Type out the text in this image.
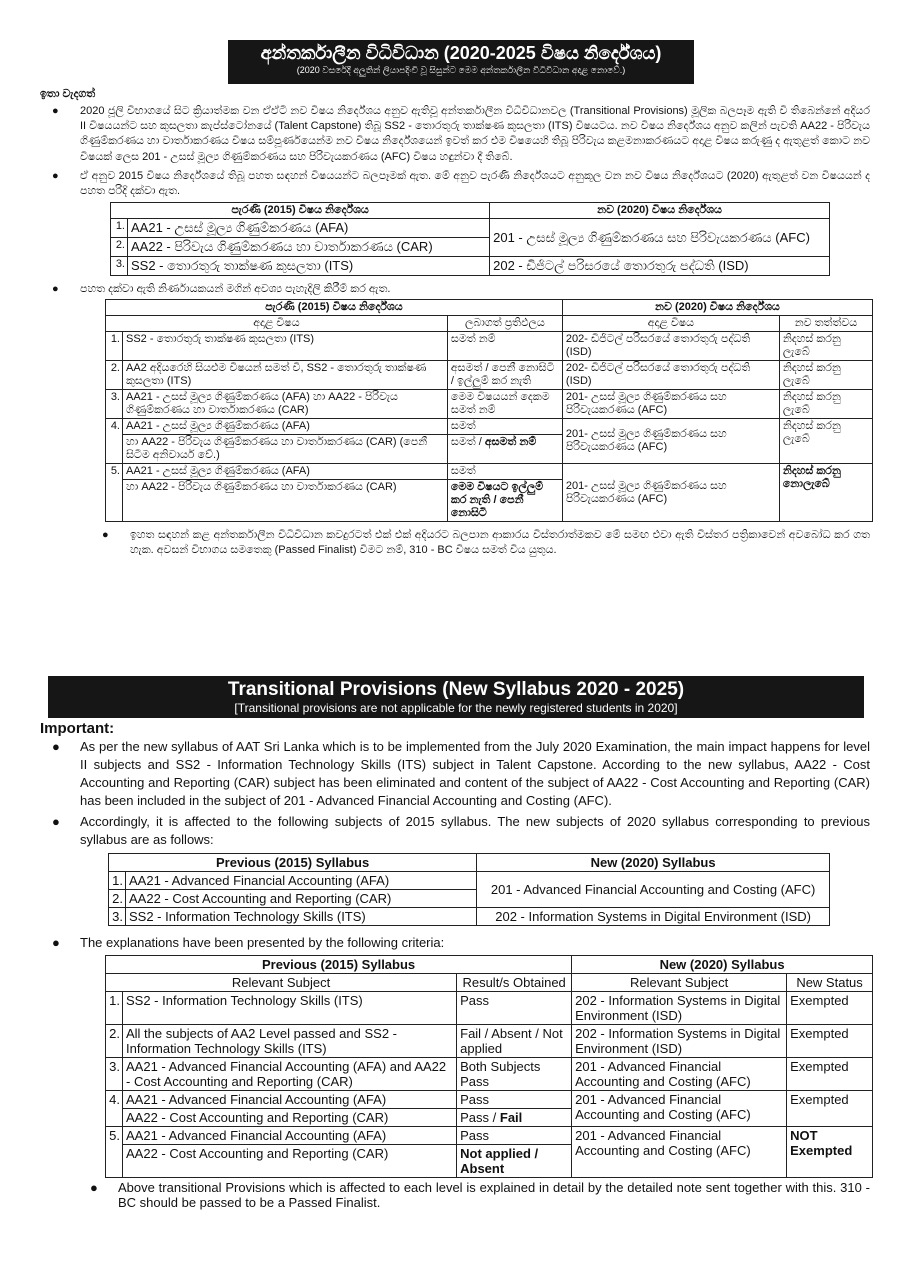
අන්තර්කාලීන විධිවිධාන (2020-2025 විෂය නිර්දේශය)
(2020 වසරේදී අලුතින් ලියාපදිංචි වූ සිසුන්ට මෙම අන්තර්කාලීන විධිවිධාන අදාළ නොවේ.)
ඉතා වැදගත්

● 2020 ජූලි විභාගයේ සිට ක්‍රියාත්මක වන ඒඒටී නව විෂය නිර්දේශය අනුව ඇතිවූ අන්තර්කාලීන විධිවිධානවල (Transitional Provisions) මූලික බලපෑම ඇති වී තිබෙන්නේ අදියර II විෂයයන්ට සහ කුසලතා කැප්ස්ටෝනයේ (Talent Capstone) තිබූ SS2 - තොරතුරු තාක්ෂණ කුසලතා (ITS) විෂයටය. නව විෂය නිර්දේශය අනුව කලින් පැවති AA22 - පිරිවැය ගිණුම්කරණය හා වාර්තාකරණය විෂය සම්පූර්ණයෙන්ම නව විෂය නිර්දේශයෙන් ඉවත් කර එම විෂයෙහි තිබූ පිරිවැය කළමනාකරණයට අදාළ විෂය කරුණු ද ඇතුළත් කොට නව විෂයක් ලෙස 201 - උසස් මූල්‍ය ගිණුම්කරණය සහ පිරිවැයකරණය (AFC) විෂය හඳුන්වා දී තිබේ.

● ඒ අනුව 2015 විෂය නිර්දේශයේ තිබූ පහත සඳහන් විෂයයන්ට බලපෑමක් ඇත. මේ අනුව පැරණි නිර්දේශයට අනුකූල වන නව විෂය නිර්දේශයට (2020) ඇතුළත් වන විෂයයන් ද පහත පරිදි දක්වා ඇත.

පැරණි (2015) විෂය නිර්දේශය		නව (2020) විෂය නිර්දේශය
1.	AA21 - උසස් මූල්‍ය ගිණුම්කරණය (AFA)	201 - උසස් මූල්‍ය ගිණුම්කරණය සහ පිරිවැයකරණය (AFC)
2.	AA22 - පිරිවැය ගිණුම්කරණය හා වාර්තාකරණය (CAR)	
3.	SS2 - තොරතුරු තාක්ෂණ කුසලතා (ITS)	202 - ඩිජිටල් පරිසරයේ තොරතුරු පද්ධති (ISD)

● පහත දක්වා ඇති නිර්ණායකයන් මගින් අවශ්‍ය පැහැදිලි කිරීම් කර ඇත.

පැරණි (2015) විෂය නිර්දේශය			නව (2020) විෂය නිර්දේශය	
අදාළ විෂය		ලබාගත් ප්‍රතිඵලය	අදාළ විෂය	නව තත්ත්වය
1.	SS2 - තොරතුරු තාක්ෂණ කුසලතා (ITS)	සමත් නම්	202- ඩිජිටල් පරිසරයේ තොරතුරු පද්ධති (ISD)	නිදහස් කරනු ලැබේ
2.	AA2 අදියරෙහි සියළුම විෂයන් සමත් වී, SS2 - තොරතුරු තාක්ෂණ කුසලතා (ITS)	අසමත් / පෙනී නොසිටි / ඉල්ලුම් කර නැති	202- ඩිජිටල් පරිසරයේ තොරතුරු පද්ධති (ISD)	නිදහස් කරනු ලැබේ
3.	AA21 - උසස් මූල්‍ය ගිණුම්කරණය (AFA) හා AA22 - පිරිවැය ගිණුම්කරණය හා වාර්තාකරණය (CAR)	මෙම විෂයයන් දෙකම සමත් නම්	201- උසස් මූල්‍ය ගිණුම්කරණය සහ පිරිවැයකරණය (AFC)	නිදහස් කරනු ලැබේ
4.	AA21 - උසස් මූල්‍ය ගිණුම්කරණය (AFA)	සමත්	201- උසස් මූල්‍ය ගිණුම්කරණය සහ පිරිවැයකරණය (AFC)	නිදහස් කරනු ලැබේ
	හා AA22 - පිරිවැය ගිණුම්කරණය හා වාර්තාකරණය (CAR) (පෙනී සිටීම අනිවාර්ය වේ.)	සමත් / අසමත් නම්		
5.	AA21 - උසස් මූල්‍ය ගිණුම්කරණය (AFA)	සමත්	201- උසස් මූල්‍ය ගිණුම්කරණය සහ පිරිවැයකරණය (AFC)	නිදහස් කරනු නොලැබේ
	හා AA22 - පිරිවැය ගිණුම්කරණය හා වාර්තාකරණය (CAR)	මෙම විෂයට ඉල්ලුම් කර නැති / පෙනී නොසිටි		

● ඉහත සඳහන් කළ අන්තර්කාලීන විධිවිධාන කවදුරටත් එක් එක් අදියරට බලපාන ආකාරය විස්තරාත්මකව මේ සමඟ එවා ඇති විස්තර පත්‍රිකාවෙන් අවබෝධ කර ගත හැක. අවසන් විභාගය සමතෙකු (Passed Finalist) වීමට නම්, 310 - BC විෂය සමත් විය යුතුය.

Transitional Provisions (New Syllabus 2020 - 2025)
[Transitional provisions are not applicable for the newly registered students in 2020]
Important:

● As per the new syllabus of AAT Sri Lanka which is to be implemented from the July 2020 Examination, the main impact happens for level II subjects and SS2 - Information Technology Skills (ITS) subject in Talent Capstone. According to the new syllabus, AA22 - Cost Accounting and Reporting (CAR) subject has been eliminated and content of the subject of AA22 - Cost Accounting and Reporting (CAR) has been included in the subject of 201 - Advanced Financial Accounting and Costing (AFC).

● Accordingly, it is affected to the following subjects of 2015 syllabus. The new subjects of 2020 syllabus corresponding to previous syllabus are as follows:

Previous (2015) Syllabus		New (2020) Syllabus
1.	AA21 - Advanced Financial Accounting (AFA)	201 - Advanced Financial Accounting and Costing (AFC)
2.	AA22 - Cost Accounting and Reporting (CAR)	
3.	SS2 - Information Technology Skills (ITS)	202 - Information Systems in Digital Environment (ISD)

● The explanations have been presented by the following criteria:

Previous (2015) Syllabus			New (2020) Syllabus	
Relevant Subject		Result/s Obtained	Relevant Subject	New Status
1.	SS2 - Information Technology Skills (ITS)	Pass	202 - Information Systems in Digital Environment (ISD)	Exempted
2.	All the subjects of AA2 Level passed and SS2 - Information Technology Skills (ITS)	Fail / Absent / Not applied	202 - Information Systems in Digital Environment (ISD)	Exempted
3.	AA21 - Advanced Financial Accounting (AFA) and AA22 - Cost Accounting and Reporting (CAR)	Both Subjects Pass	201 - Advanced Financial Accounting and Costing (AFC)	Exempted
4.	AA21 - Advanced Financial Accounting (AFA)	Pass	201 - Advanced Financial Accounting and Costing (AFC)	Exempted
	AA22 - Cost Accounting and Reporting (CAR)	Pass / Fail		
5.	AA21 - Advanced Financial Accounting (AFA)	Pass	201 - Advanced Financial Accounting and Costing (AFC)	NOT Exempted
	AA22 - Cost Accounting and Reporting (CAR)	Not applied / Absent		

● Above transitional Provisions which is affected to each level is explained in detail by the detailed note sent together with this. 310 - BC should be passed to be a Passed Finalist.
